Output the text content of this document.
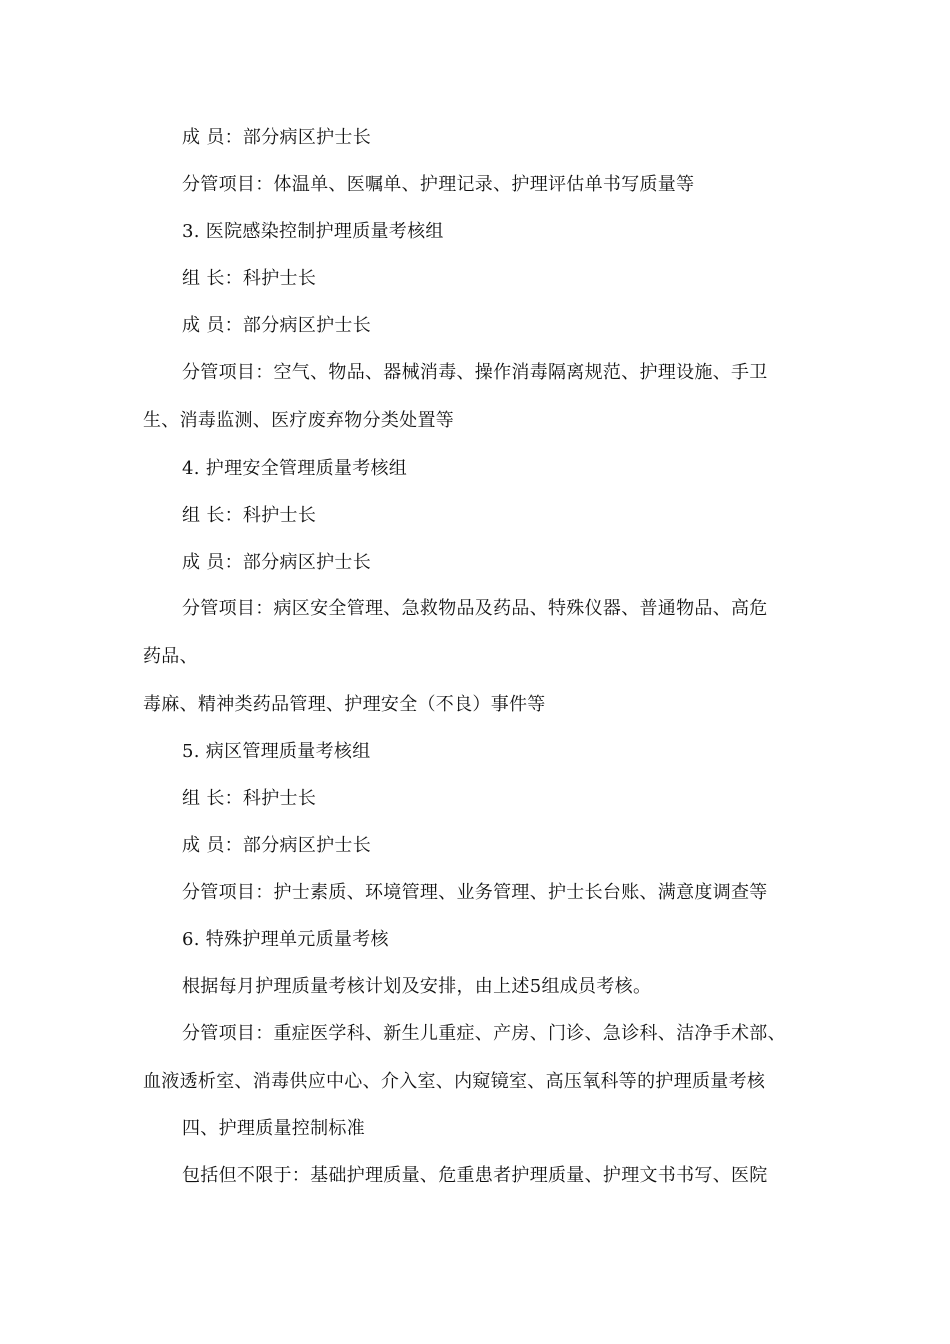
成 员：部分病区护士长
分管项目：体温单、医嘱单、护理记录、护理评估单书写质量等
3. 医院感染控制护理质量考核组
组 长：科护士长
成 员：部分病区护士长
分管项目：空气、物品、器械消毒、操作消毒隔离规范、护理设施、手卫
生、消毒监测、医疗废弃物分类处置等
4. 护理安全管理质量考核组
组 长：科护士长
成 员：部分病区护士长
分管项目：病区安全管理、急救物品及药品、特殊仪器、普通物品、高危
药品、
毒麻、精神类药品管理、护理安全（不良）事件等
5. 病区管理质量考核组
组 长：科护士长
成 员：部分病区护士长
分管项目：护士素质、环境管理、业务管理、护士长台账、满意度调查等
6. 特殊护理单元质量考核
根据每月护理质量考核计划及安排，由上述5组成员考核。
分管项目：重症医学科、新生儿重症、产房、门诊、急诊科、洁净手术部、
血液透析室、消毒供应中心、介入室、内窥镜室、高压氧科等的护理质量考核
四、护理质量控制标准
包括但不限于：基础护理质量、危重患者护理质量、护理文书书写、医院
